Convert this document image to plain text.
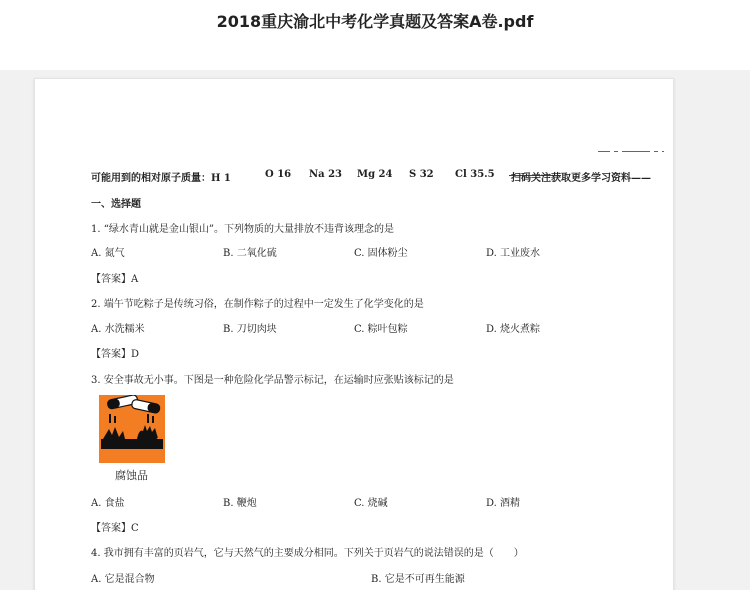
2018重庆渝北中考化学真题及答案A卷.pdf
可能用到的相对原子质量：H 1	O 16 Na 23 Mg 24 S 32 Cl 35.5 扫码关注获取更多学习资料——
一、选择题
1. “绿水青山就是金山银山”。下列物质的大量排放不违背该理念的是
A. 氮气	B. 二氧化硫	C. 固体粉尘	D. 工业废水
【答案】A
2. 端午节吃粽子是传统习俗，在制作粽子的过程中一定发生了化学变化的是
A. 水洗糯米	B. 刀切肉块	C. 粽叶包粽	D. 烧火煮粽
【答案】D
3. 安全事故无小事。下图是一种危险化学品警示标记，在运输时应张贴该标记的是
腐蚀品
A. 食盐	B. 鞭炮	C. 烧碱	D. 酒精
【答案】C
4. 我市拥有丰富的页岩气，它与天然气的主要成分相同。下列关于页岩气的说法错误的是（　　）
A. 它是混合物	B. 它是不可再生能源
